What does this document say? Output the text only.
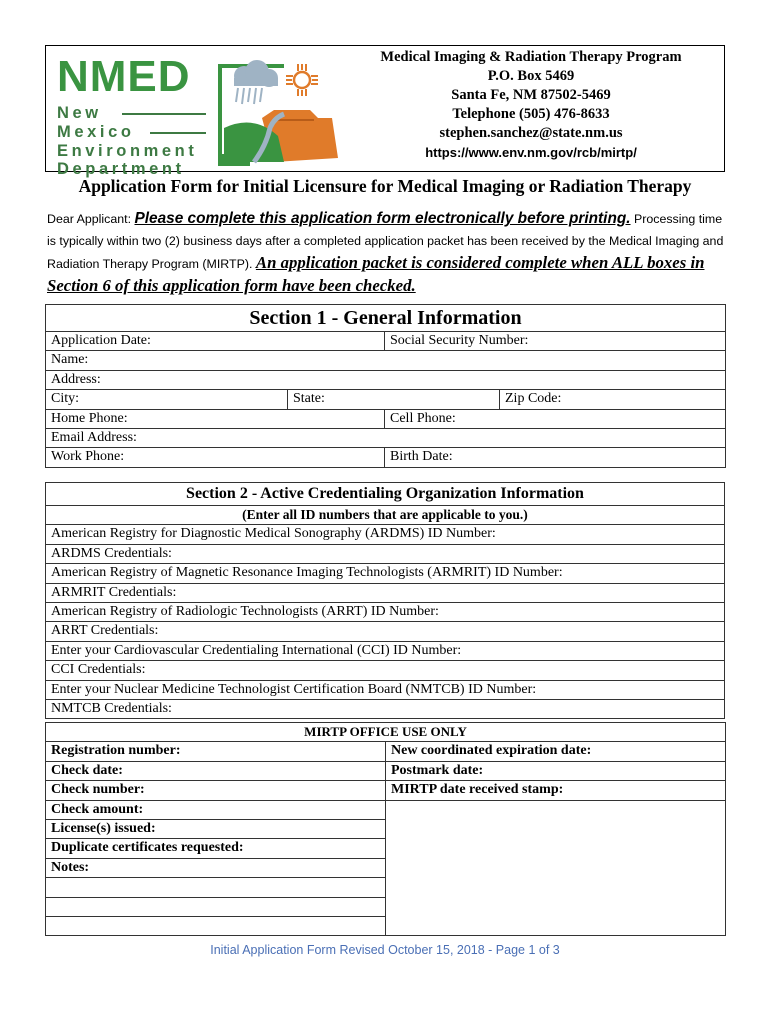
NMED
New
Mexico
Environment
Department
Medical Imaging & Radiation Therapy Program
P.O. Box 5469
Santa Fe, NM 87502-5469
Telephone (505) 476-8633
stephen.sanchez@state.nm.us
https://www.env.nm.gov/rcb/mirtp/
Application Form for Initial Licensure for Medical Imaging or Radiation Therapy
Dear Applicant: Please complete this application form electronically before printing. Processing time is typically within two (2) business days after a completed application packet has been received by the Medical Imaging and Radiation Therapy Program (MIRTP). An application packet is considered complete when ALL boxes in Section 6 of this application form have been checked.
Section 1 - General Information			
Application Date:		Social Security Number:	
Name:			
Address:			
City:	State:		Zip Code:
Home Phone:		Cell Phone:	
Email Address:			
Work Phone:		Birth Date:	
Section 2 - Active Credentialing Organization Information
(Enter all ID numbers that are applicable to you.)
American Registry for Diagnostic Medical Sonography (ARDMS) ID Number:
ARDMS Credentials:
American Registry of Magnetic Resonance Imaging Technologists (ARMRIT) ID Number:
ARMRIT Credentials:
American Registry of Radiologic Technologists (ARRT) ID Number:
ARRT Credentials:
Enter your Cardiovascular Credentialing International (CCI) ID Number:
CCI Credentials:
Enter your Nuclear Medicine Technologist Certification Board (NMTCB) ID Number:
NMTCB Credentials:
MIRTP OFFICE USE ONLY	
Registration number:	New coordinated expiration date:
Check date:	Postmark date:
Check number:	MIRTP date received stamp:
Check amount:	
License(s) issued:	
Duplicate certificates requested:	
Notes:	

Initial Application Form Revised October 15, 2018 - Page 1 of 3
